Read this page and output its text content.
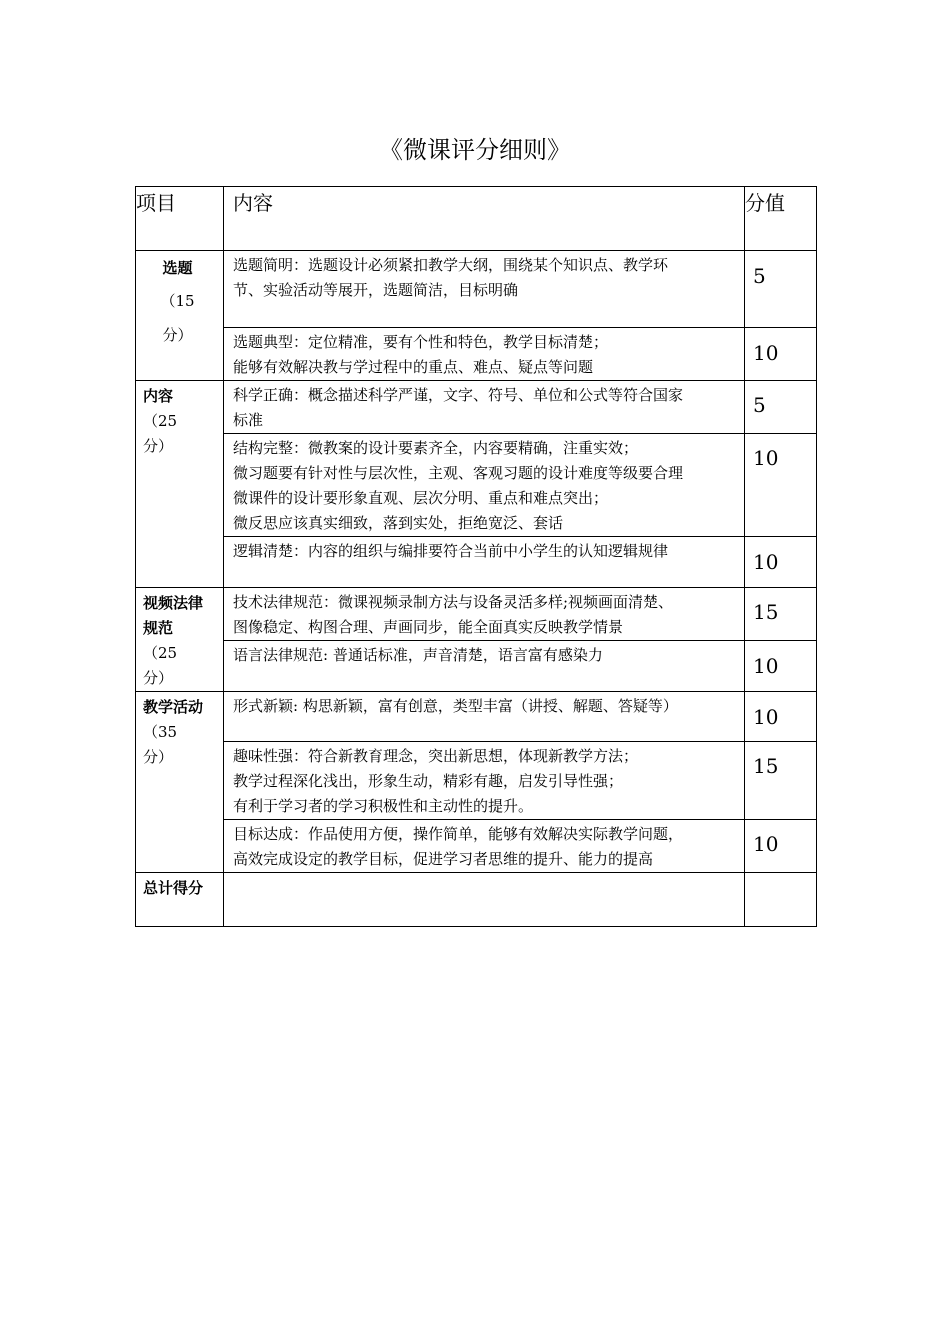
《微课评分细则》
项目	内容	分值

选题
（15
分）	选题简明：选题设计必须紧扣教学大纲，围绕某个知识点、教学环
节、实验活动等展开，选题简洁，目标明确	5

	选题典型：定位精准，要有个性和特色，教学目标清楚；
能够有效解决教与学过程中的重点、难点、疑点等问题	10

内容
（25
分）	科学正确：概念描述科学严谨，文字、符号、单位和公式等符合国家
标准	5

	结构完整：微教案的设计要素齐全，内容要精确，注重实效；
微习题要有针对性与层次性，主观、客观习题的设计难度等级要合理
微课件的设计要形象直观、层次分明、重点和难点突出；
微反思应该真实细致，落到实处，拒绝宽泛、套话	10

	逻辑清楚：内容的组织与编排要符合当前中小学生的认知逻辑规律	10

视频法律
规范
（25
分）	技术法律规范：微课视频录制方法与设备灵活多样;视频画面清楚、
图像稳定、构图合理、声画同步，能全面真实反映教学情景	15

	语言法律规范: 普通话标准，声音清楚，语言富有感染力	10

教学活动
（35
分）	形式新颖: 构思新颖，富有创意，类型丰富（讲授、解题、答疑等）	10

	趣味性强：符合新教育理念，突出新思想，体现新教学方法；
教学过程深化浅出，形象生动，精彩有趣，启发引导性强；
有利于学习者的学习积极性和主动性的提升。	15

	目标达成：作品使用方便，操作简单，能够有效解决实际教学问题，
高效完成设定的教学目标，促进学习者思维的提升、能力的提高	10

总计得分		
